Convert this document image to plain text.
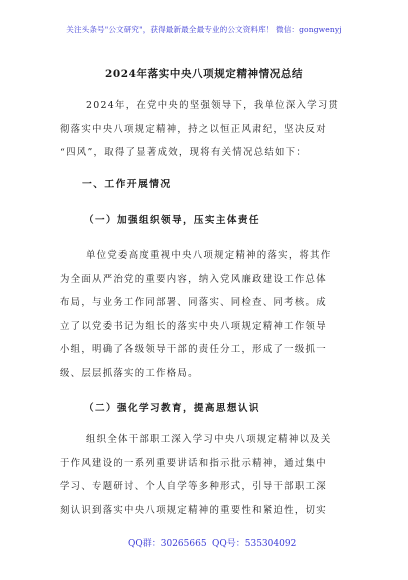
关注头条号"公文研究"，获得最新最全最专业的公文资料库！ 微信：gongwenyj
2024年落实中央八项规定精神情况总结
2024年，在党中央的坚强领导下，我单位深入学习贯
彻落实中央八项规定精神，持之以恒正风肃纪，坚决反对
“四风”，取得了显著成效，现将有关情况总结如下：
一、工作开展情况
（一）加强组织领导，压实主体责任
单位党委高度重视中央八项规定精神的落实，将其作
为全面从严治党的重要内容，纳入党风廉政建设工作总体
布局，与业务工作同部署、同落实、同检查、同考核。成
立了以党委书记为组长的落实中央八项规定精神工作领导
小组，明确了各级领导干部的责任分工，形成了一级抓一
级、层层抓落实的工作格局。
（二）强化学习教育，提高思想认识
组织全体干部职工深入学习中央八项规定精神以及关
于作风建设的一系列重要讲话和指示批示精神，通过集中
学习、专题研讨、个人自学等多种形式，引导干部职工深
刻认识到落实中央八项规定精神的重要性和紧迫性，切实
QQ群：30265665 QQ号：535304092
